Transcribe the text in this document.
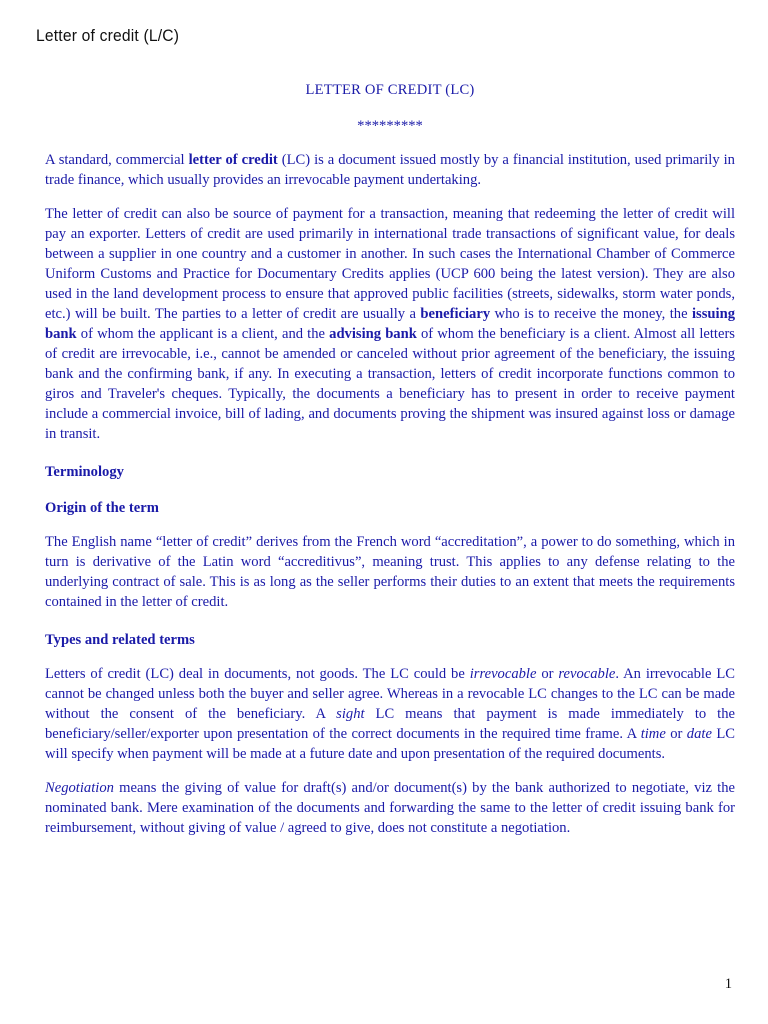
Letter of credit (L/C)
LETTER OF CREDIT (LC)
*********

A standard, commercial letter of credit (LC) is a document issued mostly by a financial institution, used primarily in trade finance, which usually provides an irrevocable payment undertaking.

The letter of credit can also be source of payment for a transaction, meaning that redeeming the letter of credit will pay an exporter. Letters of credit are used primarily in international trade transactions of significant value, for deals between a supplier in one country and a customer in another. In such cases the International Chamber of Commerce Uniform Customs and Practice for Documentary Credits applies (UCP 600 being the latest version). They are also used in the land development process to ensure that approved public facilities (streets, sidewalks, storm water ponds, etc.) will be built. The parties to a letter of credit are usually a beneficiary who is to receive the money, the issuing bank of whom the applicant is a client, and the advising bank of whom the beneficiary is a client. Almost all letters of credit are irrevocable, i.e., cannot be amended or canceled without prior agreement of the beneficiary, the issuing bank and the confirming bank, if any. In executing a transaction, letters of credit incorporate functions common to giros and Traveler's cheques. Typically, the documents a beneficiary has to present in order to receive payment include a commercial invoice, bill of lading, and documents proving the shipment was insured against loss or damage in transit.

Terminology
Origin of the term

The English name “letter of credit” derives from the French word “accreditation”, a power to do something, which in turn is derivative of the Latin word “accreditivus”, meaning trust. This applies to any defense relating to the underlying contract of sale. This is as long as the seller performs their duties to an extent that meets the requirements contained in the letter of credit.

Types and related terms

Letters of credit (LC) deal in documents, not goods. The LC could be irrevocable or revocable. An irrevocable LC cannot be changed unless both the buyer and seller agree. Whereas in a revocable LC changes to the LC can be made without the consent of the beneficiary. A sight LC means that payment is made immediately to the beneficiary/seller/exporter upon presentation of the correct documents in the required time frame. A time or date LC will specify when payment will be made at a future date and upon presentation of the required documents.

Negotiation means the giving of value for draft(s) and/or document(s) by the bank authorized to negotiate, viz the nominated bank. Mere examination of the documents and forwarding the same to the letter of credit issuing bank for reimbursement, without giving of value / agreed to give, does not constitute a negotiation.

1
